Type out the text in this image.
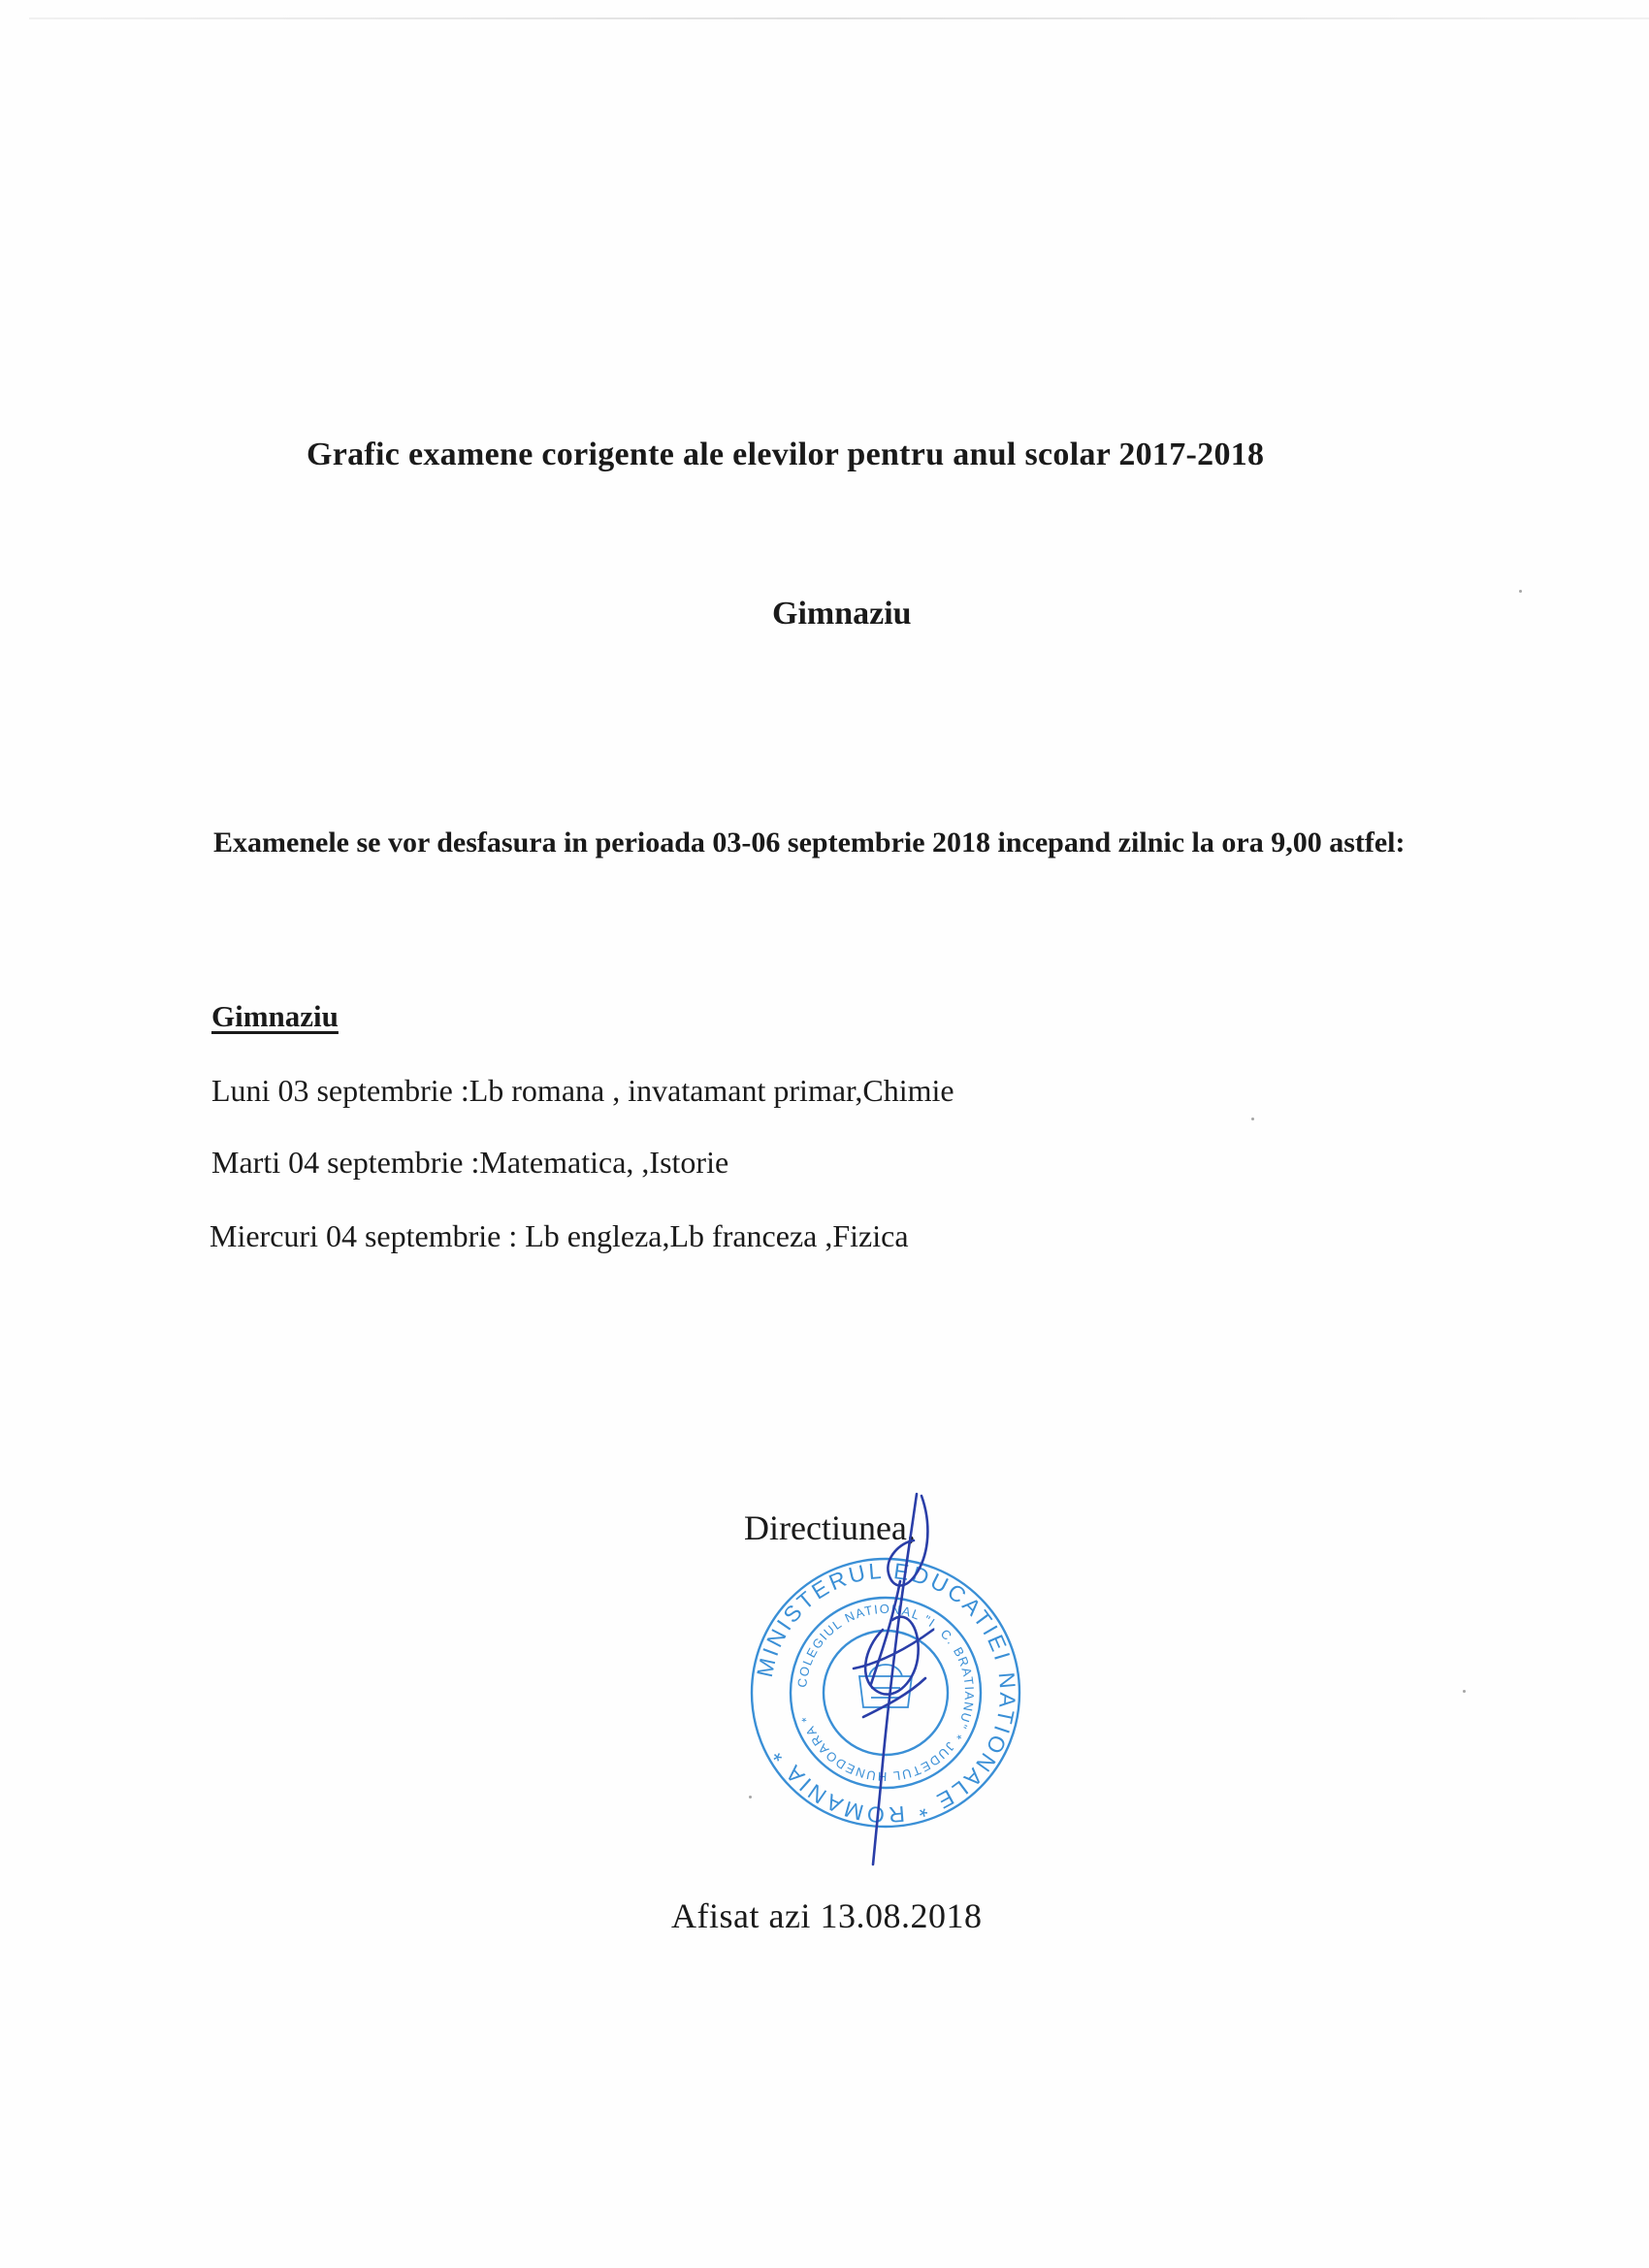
Grafic examene corigente ale elevilor pentru anul scolar 2017-2018
Gimnaziu
Examenele se vor desfasura in perioada 03-06 septembrie 2018 incepand zilnic la ora 9,00 astfel:
Gimnaziu
Luni 03 septembrie :Lb romana , invatamant primar,Chimie
Marti 04 septembrie :Matematica, ,Istorie
Miercuri 04 septembrie : Lb engleza,Lb franceza ,Fizica
Directiunea,
MINISTERUL EDUCATIEI NATIONALE * ROMANIA *
COLEGIUL NATIONAL "I. C. BRATIANU" * JUDETUL HUNEDOARA *
Afisat azi 13.08.2018
